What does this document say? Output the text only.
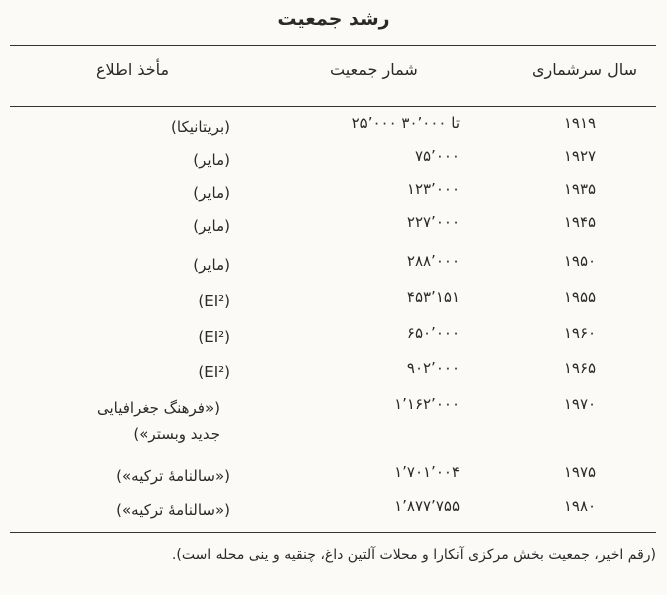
رشد جمعیت
سال سرشماری
شمار جمعیت
مأخذ اطلاع
۱۹۱۹
۲۵٬۰۰۰ تا ۳۰٬۰۰۰
(بریتانیکا)
۱۹۲۷
۷۵٬۰۰۰
(مایر)
۱۹۳۵
۱۲۳٬۰۰۰
(مایر)
۱۹۴۵
۲۲۷٬۰۰۰
(مایر)
۱۹۵۰
۲۸۸٬۰۰۰
(مایر)
۱۹۵۵
۴۵۳٬۱۵۱
(EI²)
۱۹۶۰
۶۵۰٬۰۰۰
(EI²)
۱۹۶۵
۹۰۲٬۰۰۰
(EI²)
۱۹۷۰
۱٬۱۶۲٬۰۰۰
(«فرهنگ جغرافیایی جدید وبستر»)
۱۹۷۵
۱٬۷۰۱٬۰۰۴
(«سالنامهٔ ترکیه»)
۱۹۸۰
۱٬۸۷۷٬۷۵۵
(«سالنامهٔ ترکیه»)
(رقم اخیر، جمعیت بخش مرکزی آنکارا و محلات آلتین داغ، چنقیه و ینی محله است).
